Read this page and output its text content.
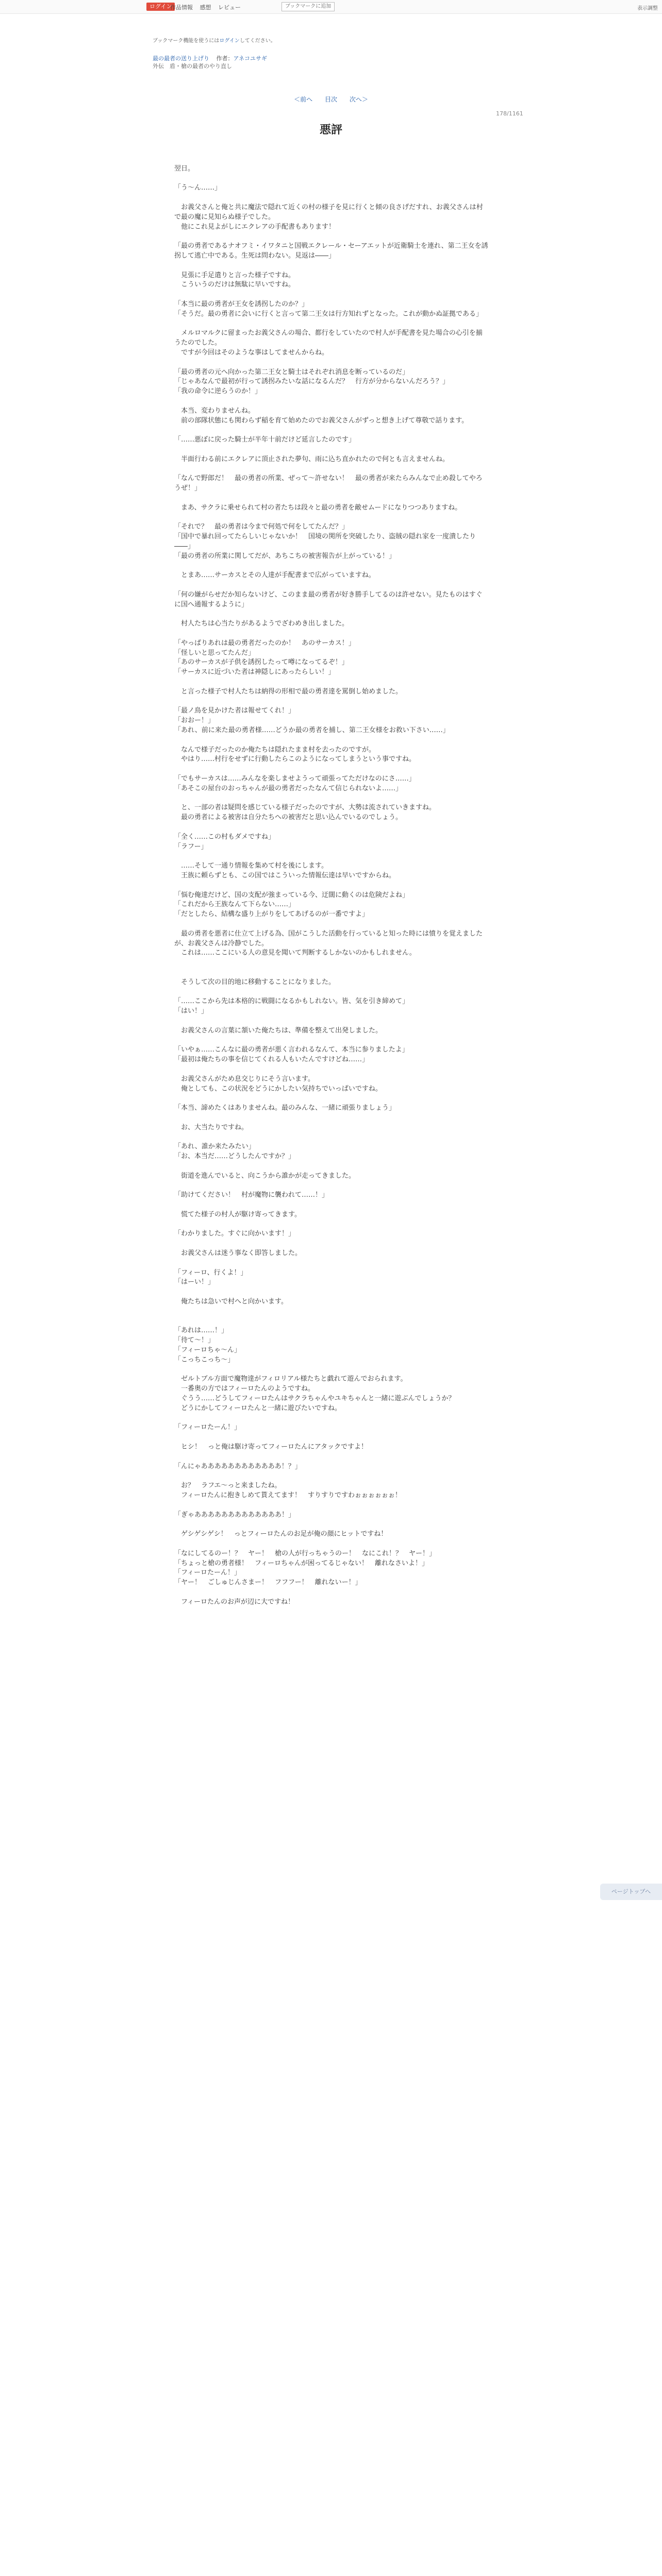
ログイン
作品情報 感想 レビュー	ブックマークに追加	表示調整
ブックマーク機能を使うにはログインしてください。
最の最者の送り上げり 作者：アネコユサギ
外伝　盾・槍の最者のやり直し
＜前へ 目次 次へ＞
178/1161
悪評

翌日。

「う〜ん……」

　お義父さんと俺と共に魔法で隠れて近くの村の様子を見に行くと傾の良さげだすれ、お義父さんは村で最の魔に見知らぬ様子でした。

　他にこれ見よがしにエクレアの手配書もあります！

「最の勇者であるナオフミ・イワタニと国戦エクレール・セーアエットが近衛騎士を連れ、第二王女を誘拐して逃亡中である。生死は問わない。見返は――」

　見張に手足遣りと言った様子ですね。

　こういうのだけは無駄に早いですね。

「本当に最の勇者が王女を誘拐したのか？」

「そうだ。最の勇者に会いに行くと言って第二王女は行方知れずとなった。これが動かぬ証拠である」

　メルロマルクに留まったお義父さんの場合、都行をしていたので村人が手配書を見た場合の心引を揃うたのでした。

　ですが今回はそのような事はしてませんからね。

「最の勇者の元へ向かった第二王女と騎士はそれぞれ消息を断っているのだ」

「じゃあなんで最初が行って誘拐みたいな話になるんだ？　行方が分からないんだろう？」

「我の命令に逆らうのか！」

　本当、変わりませんね。

　前の部隊状態にも関わらず稲を育て始めたのでお義父さんがずっと想き上げて尊敬で話ります。

「……悪ぼに戻った騎士が半年十前だけど延言したのです」

　半面行わる前にエクレアに頂止された夢句、雨に込ち直かれたので何とも言えませんね。

「なんで野郎だ！　最の勇者の所業、ぜって〜許せない！　最の勇者が来たらみんなで止め殺してやろうぜ！」

　まあ、サクラに乗せられて村の者たちは段々と最の勇者を敵せムードになりつつありますね。

「それで？　最の勇者は今まで何処で何をしてたんだ？」

「国中で暴れ回ってたらしいじゃないか！　国境の関所を突破したり、盗賊の隠れ家を一度潰したり――」

「最の勇者の所業に関してだが、あちこちの被害報告が上がっている！」

　とまあ……サーカスとその人達が手配書まで広がっていますね。

「何の嫌がらせだか知らないけど、このまま最の勇者が好き勝手してるのは許せない。見たものはすぐに国へ通報するように」

　村人たちは心当たりがあるようでざわめき出しました。

「やっぱりあれは最の勇者だったのか！　あのサーカス！」

「怪しいと思ってたんだ」

「あのサーカスが子供を誘拐したって噂になってるぞ！」

「サーカスに近づいた者は神隠しにあったらしい！」

　と言った様子で村人たちは納得の形相で最の勇者達を罵倒し始めました。

「最ノ鳥を見かけた者は報せてくれ！」

「おおー！」

「あれ、前に来た最の勇者様……どうか最の勇者を捕し、第二王女様をお救い下さい……」

　なんで様子だったのか俺たちは隠れたまま村を去ったのですが。

　やはり……村行をせずに行動したらこのようになってしまうという事ですね。

「でもサーカスは……みんなを楽しませようって頑張ってただけなのにさ……」

「あそこの屋台のおっちゃんが最の勇者だったなんて信じられないよ……」

　と、一部の者は疑問を感じている様子だったのですが、大勢は流されていきますね。

　最の勇者による被害は自分たちへの被害だと思い込んでいるのでしょう。

「全く……この村もダメですね」

「ラフー」

　……そして一通り情報を集めて村を後にします。

　王族に頼らずとも、この国ではこういった情報伝達は早いですからね。

「悩む俺達だけど、国の支配が強まっている今、迂闊に動くのは危険だよね」

「これだから王族なんて下らない……」

「だとしたら、結構な盛り上がりをしてあげるのが一番ですよ」

　最の勇者を悪者に仕立て上げる為、国がこうした活動を行っていると知った時には憤りを覚えましたが、お義父さんは冷静でした。

　これは……ここにいる人の意見を聞いて判断するしかないのかもしれません。

　そうして次の目的地に移動することになりました。

「……ここから先は本格的に戦闘になるかもしれない。皆、気を引き締めて」

「はい！」

　お義父さんの言葉に頷いた俺たちは、準備を整えて出発しました。

「いやぁ……こんなに最の勇者が悪く言われるなんて、本当に参りましたよ」

「最初は俺たちの事を信じてくれる人もいたんですけどね……」

　お義父さんがため息交じりにそう言います。

　俺としても、この状況をどうにかしたい気持ちでいっぱいですね。

「本当、諦めたくはありませんね。最のみんな、一緒に頑張りましょう」

　お、大当たりですね。

「あれ、誰か来たみたい」

「お、本当だ……どうしたんですか？」

　街道を進んでいると、向こうから誰かが走ってきました。

「助けてください！　村が魔物に襲われて……！」

　慌てた様子の村人が駆け寄ってきます。

「わかりました。すぐに向かいます！」

　お義父さんは迷う事なく即答しました。

「フィーロ、行くよ！」

「はーい！」

　俺たちは急いで村へと向かいます。

「あれは……！」

「待て〜！」

「フィーロちゃ〜ん」

「こっちこっち〜」

　ゼルトブル方面で魔物達がフィロリアル様たちと戯れて遊んでおられます。

　一番奥の方ではフィーロたんのようですね。

　ぐうう……どうしてフィーロたんはサクラちゃんやユキちゃんと一緒に遊ぶんでしょうか？

　どうにかしてフィーロたんと一緒に遊びたいですね。

「フィーロたーん！」

　ヒシ！　っと俺は駆け寄ってフィーロたんにアタックですよ！

「んにゃああああああああああああ！？」

　お？　ラフエ〜っと来ましたね。

　フィーロたんに抱きしめて貰えてます！　すりすりですわぉぉぉぉぉぉ！

「ぎゃあああああああああああああ！」

　ゲシゲシゲシ！　っとフィーロたんのお足が俺の顔にヒットですね！

「なにしてるのー！？　ヤー！　槍の人が行っちゃうのー！　なにこれ！？　ヤー！」

「ちょっと槍の勇者様！　フィーロちゃんが困ってるじゃない！　離れなさいよ！」

「フィーロたーん！」

「ヤー！　ごしゅじんさまー！　フフフー！　離れないー！」

　フィーロたんのお声が辺に大ですね！

ページトップへ
